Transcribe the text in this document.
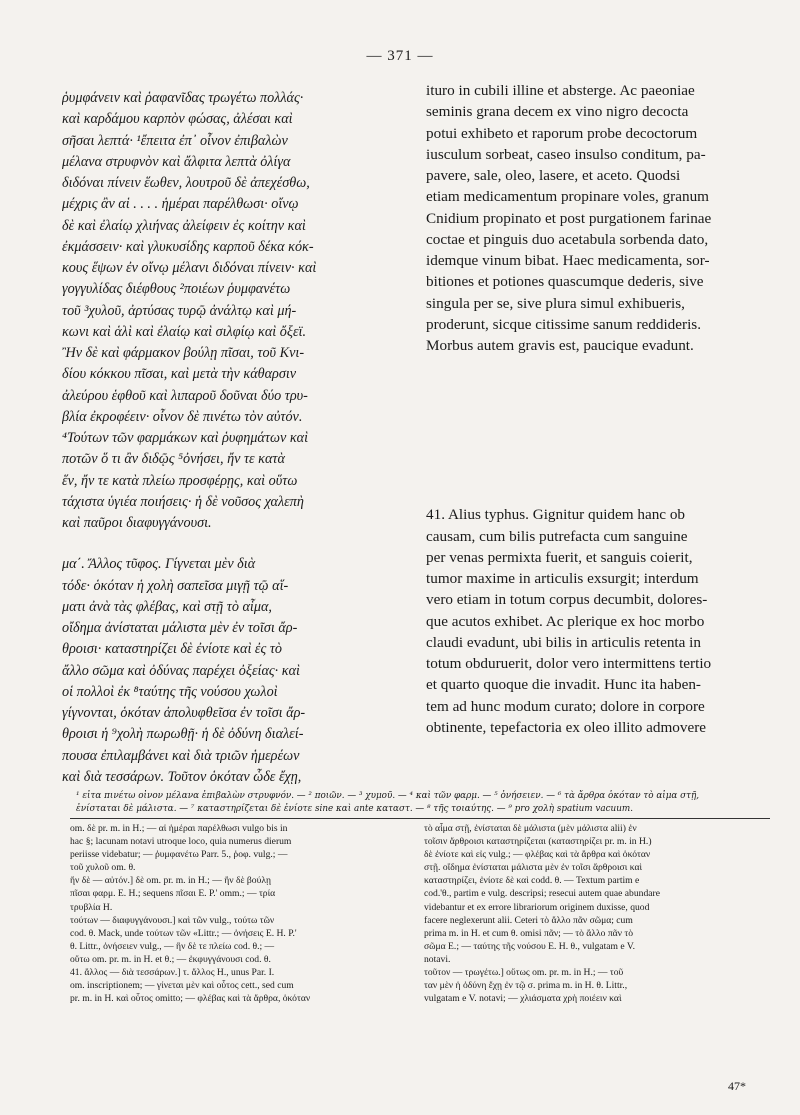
— 371 —
ῥυμφάνειν καὶ ῥαφανῖδας τρωγέτω πολλάς·
καὶ καρδάμου καρπὸν φώσας, ἀλέσαι καὶ
σῆσαι λεπτά· ¹ἔπειτα ἐπ᾽ οἶνον ἐπιβαλὼν
μέλανα στρυφνὸν καὶ ἄλφιτα λεπτὰ ὀλίγα
διδόναι πίνειν ἕωθεν, λουτροῦ δὲ ἀπεχέσθω,
μέχρις ἂν αἱ . . . . ἡμέραι παρέλθωσι· οἴνῳ
δὲ καὶ ἐλαίῳ χλιήνας ἀλείφειν ἐς κοίτην καὶ
ἐκμάσσειν· καὶ γλυκυσίδης καρποῦ δέκα κόκ-
κους ἕψων ἐν οἴνῳ μέλανι διδόναι πίνειν· καὶ
γογγυλίδας διέφθους ²ποιέων ῥυμφανέτω
τοῦ ³χυλοῦ, ἀρτύσας τυρῷ ἀνάλτῳ καὶ μή-
κωνι καὶ ἁλὶ καὶ ἐλαίῳ καὶ σιλφίῳ καὶ ὄξεϊ.
Ἢν δὲ καὶ φάρμακον βούλῃ πῖσαι, τοῦ Κνι-
δίου κόκκου πῖσαι, καὶ μετὰ τὴν κάθαρσιν
ἀλεύρου ἑφθοῦ καὶ λιπαροῦ δοῦναι δύο τρυ-
βλία ἐκροφέειν· οἶνον δὲ πινέτω τὸν αὐτόν.
⁴Τούτων τῶν φαρμάκων καὶ ῥυφημάτων καὶ
ποτῶν ὅ τι ἂν διδῷς ⁵ὀνήσει, ἤν τε κατὰ
ἕν, ἤν τε κατὰ πλείω προσφέρῃς, καὶ οὕτω
τάχιστα ὑγιέα ποιήσεις· ἡ δὲ νοῦσος χαλεπὴ
καὶ παῦροι διαφυγγάνουσι.
μα΄. Ἄλλος τῦφος. Γίγνεται μὲν διὰ
τόδε· ὁκόταν ἡ χολὴ σαπεῖσα μιγῇ τῷ αἵ-
ματι ἀνὰ τὰς φλέβας, καὶ στῇ τὸ αἷμα,
οἴδημα ἀνίσταται μάλιστα μὲν ἐν τοῖσι ἄρ-
θροισι· καταστηρίζει δὲ ἐνίοτε καὶ ἐς τὸ
ἄλλο σῶμα καὶ ὀδύνας παρέχει ὀξείας· καὶ
οἱ πολλοὶ ἐκ ⁸ταύτης τῆς νούσου χωλοὶ
γίγνονται, ὁκόταν ἀπολυφθεῖσα ἐν τοῖσι ἄρ-
θροισι ἡ ⁹χολὴ πωρωθῇ· ἡ δὲ ὀδύνη διαλεί-
πουσα ἐπιλαμβάνει καὶ διὰ τριῶν ἡμερέων
καὶ διὰ τεσσάρων. Τοῦτον ὁκόταν ὧδε ἔχῃ,
ituro in cubili illine et absterge. Ac paeoniae
seminis grana decem ex vino nigro decocta
potui exhibeto et raporum probe decoctorum
iusculum sorbeat, caseo insulso conditum, pa-
pavere, sale, oleo, lasere, et aceto. Quodsi
etiam medicamentum propinare voles, granum
Cnidium propinato et post purgationem farinae
coctae et pinguis duo acetabula sorbenda dato,
idemque vinum bibat. Haec medicamenta, sor-
bitiones et potiones quascumque dederis, sive
singula per se, sive plura simul exhibueris,
proderunt, sicque citissime sanum reddideris.
Morbus autem gravis est, paucique evadunt.
41. Alius typhus. Gignitur quidem hanc ob
causam, cum bilis putrefacta cum sanguine
per venas permixta fuerit, et sanguis coierit,
tumor maxime in articulis exsurgit; interdum
vero etiam in totum corpus decumbit, dolores-
que acutos exhibet. Ac plerique ex hoc morbo
claudi evadunt, ubi bilis in articulis retenta in
totum obduruerit, dolor vero intermittens tertio
et quarto quoque die invadit. Hunc ita haben-
tem ad hunc modum curato; dolore in corpore
obtinente, tepefactoria ex oleo illito admovere
¹ εἶτα πινέτω οἶνον μέλανα ἐπιβαλὼν στρυφνόν. — ² ποιῶν. — ³ χυμοῦ. — ⁴ καὶ τῶν φαρμ. — ⁵ ὀνήσειεν. — ⁶ τὰ ἄρθρα ὁκόταν τὸ αἷμα στῇ,
ἐνίσταται δὲ μάλιστα. — ⁷ καταστηρίζεται δὲ ἐνίοτε sine καὶ ante καταστ. — ⁸ τῆς τοιαύτης. — ⁹ pro χολὴ spatium vacuum.
om. δὲ pr. m. in H.; — αἱ ἡμέραι παρέλθωσι vulgo bis in
hac §; lacunam notavi utroque loco, quia numerus dierum
periisse videbatur; — ῥυμφανέτω Parr. 5., ῥοφ. vulg.; —
τοῦ χυλοῦ om. θ.
ἤν δὲ — αὐτόν.] δὲ om. pr. m. in H.; — ἢν δὲ βούλῃ
πῖσαι φαρμ. E. H.; sequens πῖσαι E. P.' omm.; — τρία
τρυβλία H.
τούτων — διαφυγγάνουσι.] καὶ τῶν vulg., τούτω τῶν
cod. θ. Mack, unde τούτων τῶν «Littr.; — ὀνήσεις E. H. P.'
θ. Littr., ὀνήσειεν vulg., — ἢν δὲ τε πλείω cod. θ.; —
οὕτω om. pr. m. in H. et θ.; — ἐκφυγγάνουσι cod. θ.
41. ἄλλος — διὰ τεσσάρων.] τ. ἄλλος H., unus Par. I.
om. inscriptionem; — γίνεται μὲν καὶ οὗτος cett., sed cum
pr. m. in H. καὶ οὗτος omitto; — φλέβας καὶ τὰ ἄρθρα, ὁκόταν
τὸ αἷμα στῇ, ἐνίσταται δὲ μάλιστα (μὲν μάλιστα alii) ἐν
τοῖσιν ἄρθροισι καταστηρίζεται (καταστηρίζει pr. m. in H.)
δὲ ἐνίοτε καὶ εἰς vulg.; — φλέβας καὶ τὰ ἄρθρα καὶ ὁκόταν
στῇ. οἴδημα ἐνίσταται μάλιστα μὲν ἐν τοῖσι ἄρθροισι καὶ
καταστηρίζει, ἐνίοτε δὲ καὶ codd. θ. — Textum partim e
cod.'θ., partim e vulg. descripsi; resecui autem quae abundare
videbantur et ex errore librariorum originem duxisse, quod
facere neglexerunt alii. Ceteri τὸ ἄλλο πᾶν σῶμα; cum
prima m. in H. et cum θ. omisi πᾶν; — τὸ ἄλλο πᾶν τὸ
σῶμα E.; — ταύτης τῆς νούσου E. H. θ., vulgatam e V.
notavi.
τοῦτον — τρωγέτω.] οὕτως om. pr. m. in H.; — τοῦ
ταν μὲν ἡ ὀδύνη ἔχῃ ἐν τῷ σ. prima m. in H. θ. Littr.,
vulgatam e V. notavi; — χλιάσματα χρὴ ποιέειν καὶ
47*
